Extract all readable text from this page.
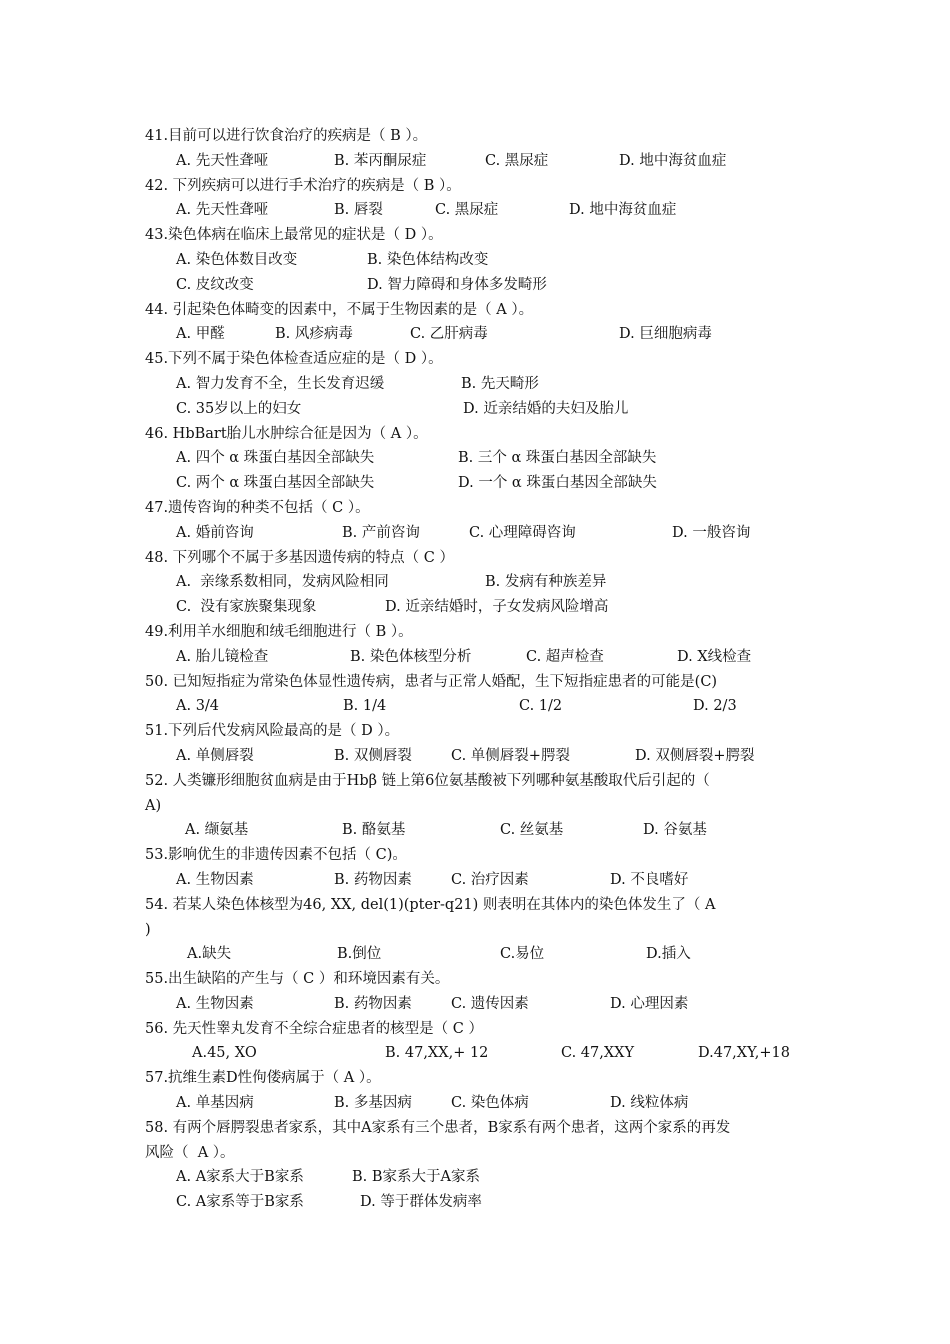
41.目前可以进行饮食治疗的疾病是（ B ）。
A. 先天性聋哑	B. 苯丙酮尿症	C. 黑尿症	D. 地中海贫血症
42. 下列疾病可以进行手术治疗的疾病是（ B ）。
A. 先天性聋哑	B. 唇裂	C. 黑尿症	D. 地中海贫血症
43.染色体病在临床上最常见的症状是（ D ）。
A. 染色体数目改变	B. 染色体结构改变
C. 皮纹改变	D. 智力障碍和身体多发畸形
44. 引起染色体畸变的因素中，不属于生物因素的是（ A ）。
A. 甲醛	B. 风疹病毒	C. 乙肝病毒	D. 巨细胞病毒
45.下列不属于染色体检查适应症的是（ D ）。
A. 智力发育不全，生长发育迟缓	B. 先天畸形
C. 35岁以上的妇女	D. 近亲结婚的夫妇及胎儿
46. HbBart胎儿水肿综合征是因为（ A ）。
A. 四个 α 珠蛋白基因全部缺失	B. 三个 α 珠蛋白基因全部缺失
C. 两个 α 珠蛋白基因全部缺失	D. 一个 α 珠蛋白基因全部缺失
47.遗传咨询的种类不包括（ C ）。
A. 婚前咨询	B. 产前咨询	C. 心理障碍咨询	D. 一般咨询
48. 下列哪个不属于多基因遗传病的特点（ C ）
A.  亲缘系数相同，发病风险相同	B. 发病有种族差异
C.  没有家族聚集现象	D. 近亲结婚时，子女发病风险增高
49.利用羊水细胞和绒毛细胞进行（ B ）。
A. 胎儿镜检查	B. 染色体核型分析	C. 超声检查	D. X线检查
50. 已知短指症为常染色体显性遗传病，患者与正常人婚配，生下短指症患者的可能是(C)
A. 3/4	B. 1/4	C. 1/2	D. 2/3
51.下列后代发病风险最高的是（ D ）。
A. 单侧唇裂	B. 双侧唇裂	C. 单侧唇裂+腭裂	D. 双侧唇裂+腭裂
52. 人类镰形细胞贫血病是由于Hbβ 链上第6位氨基酸被下列哪种氨基酸取代后引起的（
A)
A. 缬氨基	B. 酪氨基	C. 丝氨基	D. 谷氨基
53.影响优生的非遗传因素不包括（ C)。
A. 生物因素	B. 药物因素	C. 治疗因素	D. 不良嗜好
54. 若某人染色体核型为46, XX, del(1)(pter-q21) 则表明在其体内的染色体发生了（ A
)
A.缺失	B.倒位	C.易位	D.插入
55.出生缺陷的产生与（ C ）和环境因素有关。
A. 生物因素	B. 药物因素	C. 遗传因素	D. 心理因素
56. 先天性睾丸发育不全综合症患者的核型是（ C ）
A.45, XO	B. 47,XX,+ 12	C. 47,XXY	D.47,XY,+18
57.抗维生素D性佝偻病属于（ A ）。
A. 单基因病	B. 多基因病	C. 染色体病	D. 线粒体病
58. 有两个唇腭裂患者家系，其中A家系有三个患者，B家系有两个患者，这两个家系的再发
风险（  A ）。
A. A家系大于B家系	B. B家系大于A家系
C. A家系等于B家系	D. 等于群体发病率
